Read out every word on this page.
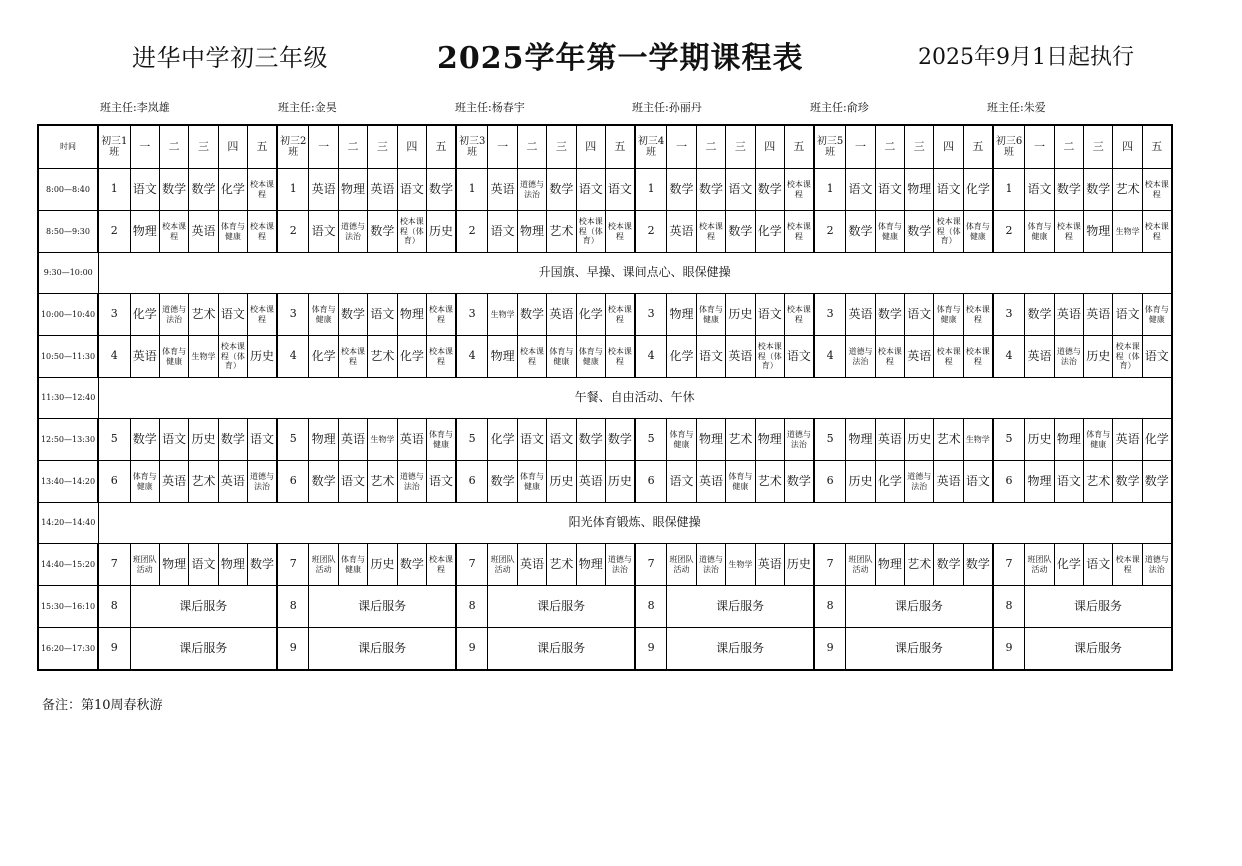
进华中学初三年级	2025学年第一学期课程表	2025年9月1日起执行
班主任:李岚雄	班主任:金昊	班主任:杨春宇	班主任:孙丽丹	班主任:俞珍	班主任:朱爱
时间	初三1班	一	二	三	四	五	初三2班	一	二	三	四	五	初三3班	一	二	三	四	五	初三4班	一	二	三	四	五	初三5班	一	二	三	四	五	初三6班	一	二	三	四	五
8:00—8:40	1	语文	数学	数学	化学	校本课程	1	英语	物理	英语	语文	数学	1	英语	道德与法治	数学	语文	语文	1	数学	数学	语文	数学	校本课程	1	语文	语文	物理	语文	化学	1	语文	数学	数学	艺术	校本课程
8:50—9:30	2	物理	校本课程	英语	体育与健康	校本课程	2	语文	道德与法治	数学	校本课程（体育）	历史	2	语文	物理	艺术	校本课程（体育）	校本课程	2	英语	校本课程	数学	化学	校本课程	2	数学	体育与健康	数学	校本课程（体育）	体育与健康	2	体育与健康	校本课程	物理	生物学	校本课程
9:30—10:00	升国旗、早操、课间点心、眼保健操																																			
10:00—10:40	3	化学	道德与法治	艺术	语文	校本课程	3	体育与健康	数学	语文	物理	校本课程	3	生物学	数学	英语	化学	校本课程	3	物理	体育与健康	历史	语文	校本课程	3	英语	数学	语文	体育与健康	校本课程	3	数学	英语	英语	语文	体育与健康
10:50—11:30	4	英语	体育与健康	生物学	校本课程（体育）	历史	4	化学	校本课程	艺术	化学	校本课程	4	物理	校本课程	体育与健康	体育与健康	校本课程	4	化学	语文	英语	校本课程（体育）	语文	4	道德与法治	校本课程	英语	校本课程	校本课程	4	英语	道德与法治	历史	校本课程（体育）	语文
11:30—12:40	午餐、自由活动、午休																																			
12:50—13:30	5	数学	语文	历史	数学	语文	5	物理	英语	生物学	英语	体育与健康	5	化学	语文	语文	数学	数学	5	体育与健康	物理	艺术	物理	道德与法治	5	物理	英语	历史	艺术	生物学	5	历史	物理	体育与健康	英语	化学
13:40—14:20	6	体育与健康	英语	艺术	英语	道德与法治	6	数学	语文	艺术	道德与法治	语文	6	数学	体育与健康	历史	英语	历史	6	语文	英语	体育与健康	艺术	数学	6	历史	化学	道德与法治	英语	语文	6	物理	语文	艺术	数学	数学
14:20—14:40	阳光体育锻炼、眼保健操																																			
14:40—15:20	7	班团队活动	物理	语文	物理	数学	7	班团队活动	体育与健康	历史	数学	校本课程	7	班团队活动	英语	艺术	物理	道德与法治	7	班团队活动	道德与法治	生物学	英语	历史	7	班团队活动	物理	艺术	数学	数学	7	班团队活动	化学	语文	校本课程	道德与法治
15:30—16:10	8	课后服务					8	课后服务					8	课后服务					8	课后服务					8	课后服务					8	课后服务				
16:20—17:30	9	课后服务					9	课后服务					9	课后服务					9	课后服务					9	课后服务					9	课后服务				
备注：第10周春秋游
